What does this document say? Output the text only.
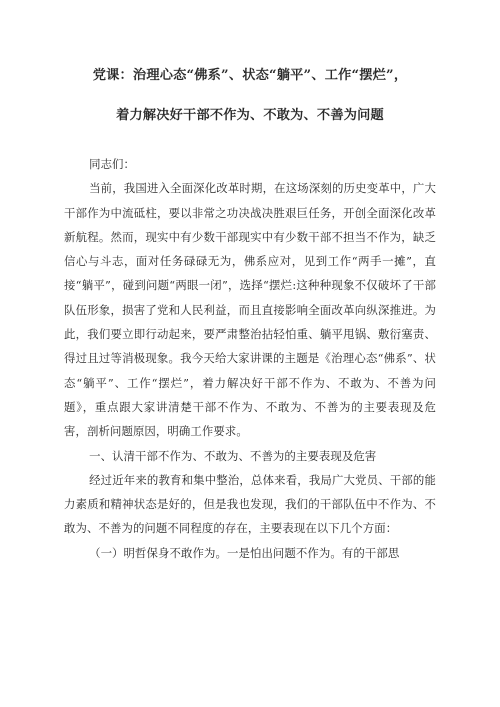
党课：治理心态“佛系”、状态“躺平”、工作“摆烂”，
着力解决好干部不作为、不敢为、不善为问题

同志们：

当前，我国进入全面深化改革时期，在这场深刻的历史变革中，广大干部作为中流砥柱，要以非常之功决战决胜艰巨任务，开创全面深化改革新航程。然而，现实中有少数干部现实中有少数干部不担当不作为，缺乏信心与斗志，面对任务碌碌无为，佛系应对，见到工作“两手一摊”，直接“躺平”，碰到问题“两眼一闭”，选择“摆烂:这种种现象不仅破坏了干部队伍形象，损害了党和人民利益，而且直接影响全面改革向纵深推进。为此，我们要立即行动起来，要严肃整治拈轻怕重、躺平甩锅、敷衍塞责、得过且过等消极现象。我今天给大家讲课的主题是《治理心态“佛系”、状态“躺平”、工作“摆烂”，着力解决好干部不作为、不敢为、不善为问题》，重点跟大家讲清楚干部不作为、不敢为、不善为的主要表现及危害，剖析问题原因，明确工作要求。

一、认清干部不作为、不敢为、不善为的主要表现及危害

经过近年来的教育和集中整治，总体来看，我局广大党员、干部的能力素质和精神状态是好的，但是我也发现，我们的干部队伍中不作为、不敢为、不善为的问题不同程度的存在，主要表现在以下几个方面：

（一）明哲保身不敢作为。一是怕出问题不作为。有的干部思
